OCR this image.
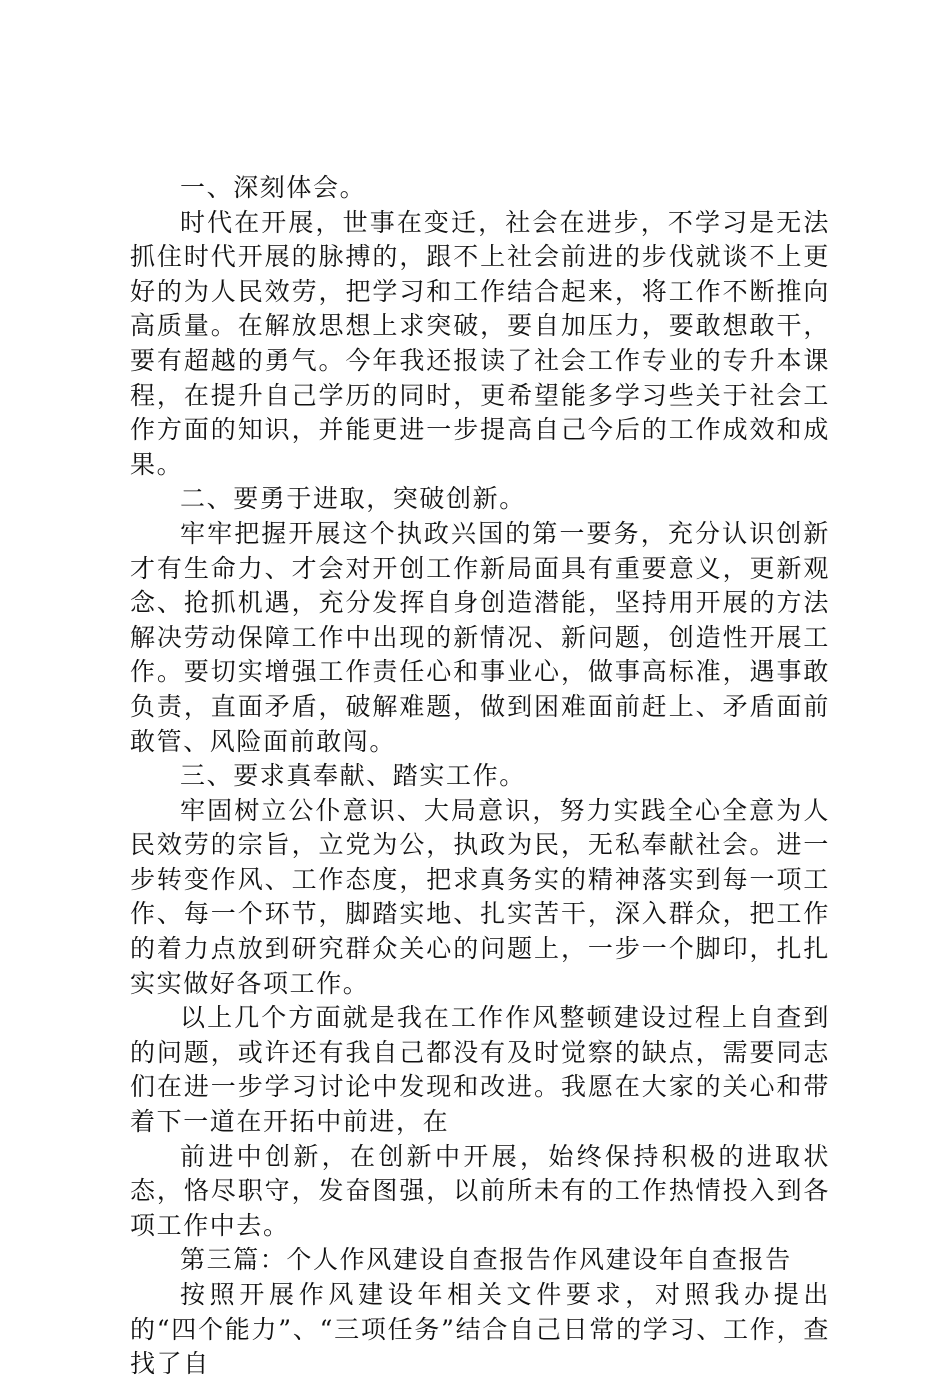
一、深刻体会。

时代在开展，世事在变迁，社会在进步，不学习是无法抓住时代开展的脉搏的，跟不上社会前进的步伐就谈不上更好的为人民效劳，把学习和工作结合起来，将工作不断推向高质量。在解放思想上求突破，要自加压力，要敢想敢干，要有超越的勇气。今年我还报读了社会工作专业的专升本课程，在提升自己学历的同时，更希望能多学习些关于社会工作方面的知识，并能更进一步提高自己今后的工作成效和成果。

二、要勇于进取，突破创新。

牢牢把握开展这个执政兴国的第一要务，充分认识创新才有生命力、才会对开创工作新局面具有重要意义，更新观念、抢抓机遇，充分发挥自身创造潜能，坚持用开展的方法解决劳动保障工作中出现的新情况、新问题，创造性开展工作。要切实增强工作责任心和事业心，做事高标准，遇事敢负责，直面矛盾，破解难题，做到困难面前赶上、矛盾面前敢管、风险面前敢闯。

三、要求真奉献、踏实工作。

牢固树立公仆意识、大局意识，努力实践全心全意为人民效劳的宗旨，立党为公，执政为民，无私奉献社会。进一步转变作风、工作态度，把求真务实的精神落实到每一项工作、每一个环节，脚踏实地、扎实苦干，深入群众，把工作的着力点放到研究群众关心的问题上，一步一个脚印，扎扎实实做好各项工作。

以上几个方面就是我在工作作风整顿建设过程上自查到的问题，或许还有我自己都没有及时觉察的缺点，需要同志们在进一步学习讨论中发现和改进。我愿在大家的关心和带着下一道在开拓中前进，在

前进中创新，在创新中开展，始终保持积极的进取状态，恪尽职守，发奋图强，以前所未有的工作热情投入到各项工作中去。

第三篇：个人作风建设自查报告作风建设年自查报告

按照开展作风建设年相关文件要求，对照我办提出的“四个能力”、“三项任务”结合自己日常的学习、工作，查找了自
